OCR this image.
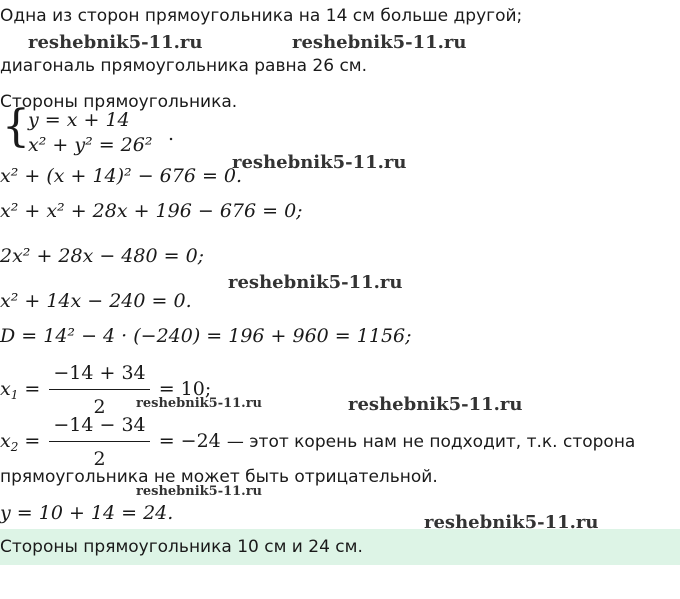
Одна из сторон прямоугольника на 14 см больше другой;
диагональ прямоугольника равна 26 см.
Стороны прямоугольника.
{
y = x + 14
x² + y² = 26² .
x² + (x + 14)² − 676 = 0.
x² + x² + 28x + 196 − 676 = 0;
2x² + 28x − 480 = 0;
x² + 14x − 240 = 0.
D = 14² − 4 · (−240) = 196 + 960 = 1156;
$x_1 = \frac{-14 + 34}{2} = 10$;
$x_2 = \frac{-14 - 34}{2} = -24$ — этот корень нам не подходит, т.к. сторона
прямоугольника не может быть отрицательной.
y = 10 + 14 = 24.
Стороны прямоугольника 10 см и 24 см.
reshebnik5-11.ru	reshebnik5-11.ru
reshebnik5-11.ru
reshebnik5-11.ru
reshebnik5-11.ru	reshebnik5-11.ru
reshebnik5-11.ru
reshebnik5-11.ru
